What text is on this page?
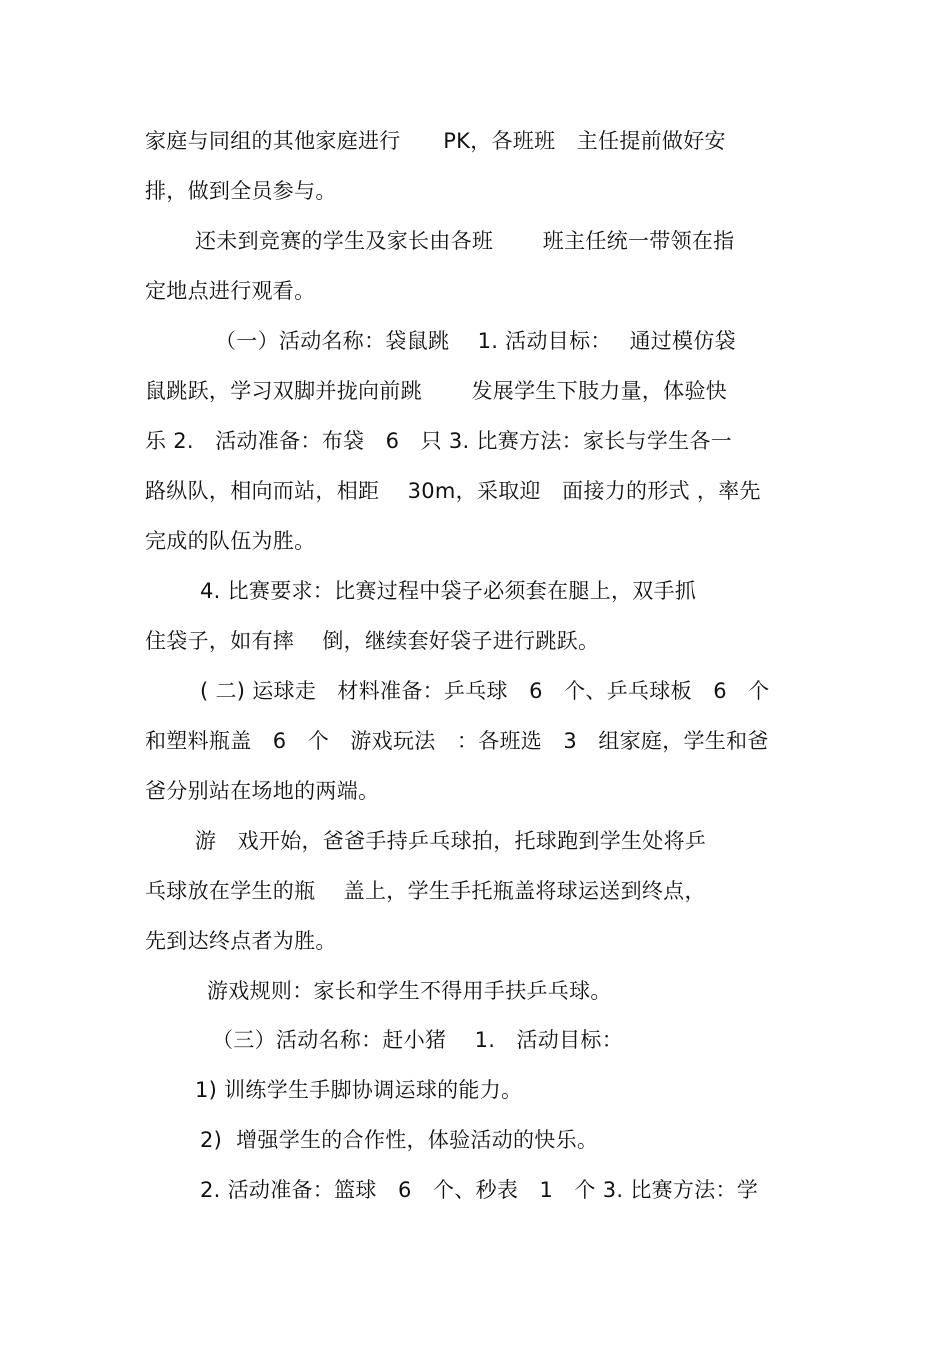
家庭与同组的其他家庭进行　　PK，各班班　主任提前做好安
排，做到全员参与。
还未到竞赛的学生及家长由各班　　 班主任统一带领在指
定地点进行观看。
（一）活动名称：袋鼠跳　 1. 活动目标：　 通过模仿袋
鼠跳跃，学习双脚并拢向前跳　　 发展学生下肢力量，体验快
乐 2.　活动准备：布袋　6　只 3. 比赛方法：家长与学生各一
路纵队，相向而站，相距　 30m，采取迎　面接力的形式 ，率先
完成的队伍为胜。
4. 比赛要求：比赛过程中袋子必须套在腿上，双手抓
住袋子，如有摔　 倒，继续套好袋子进行跳跃。
( 二) 运球走　材料准备：乒乓球　6　个、乒乓球板　6　个
和塑料瓶盖　6　个　游戏玩法　：各班选　3　组家庭，学生和爸
爸分别站在场地的两端。
游　戏开始，爸爸手持乒乓球拍，托球跑到学生处将乒
乓球放在学生的瓶　 盖上，学生手托瓶盖将球运送到终点，
先到达终点者为胜。
游戏规则：家长和学生不得用手扶乒乓球。
（三）活动名称：赶小猪　 1.　活动目标：
1) 训练学生手脚协调运球的能力。
2)  增强学生的合作性，体验活动的快乐。
2. 活动准备：篮球　6　个、秒表　1　个 3. 比赛方法：学
